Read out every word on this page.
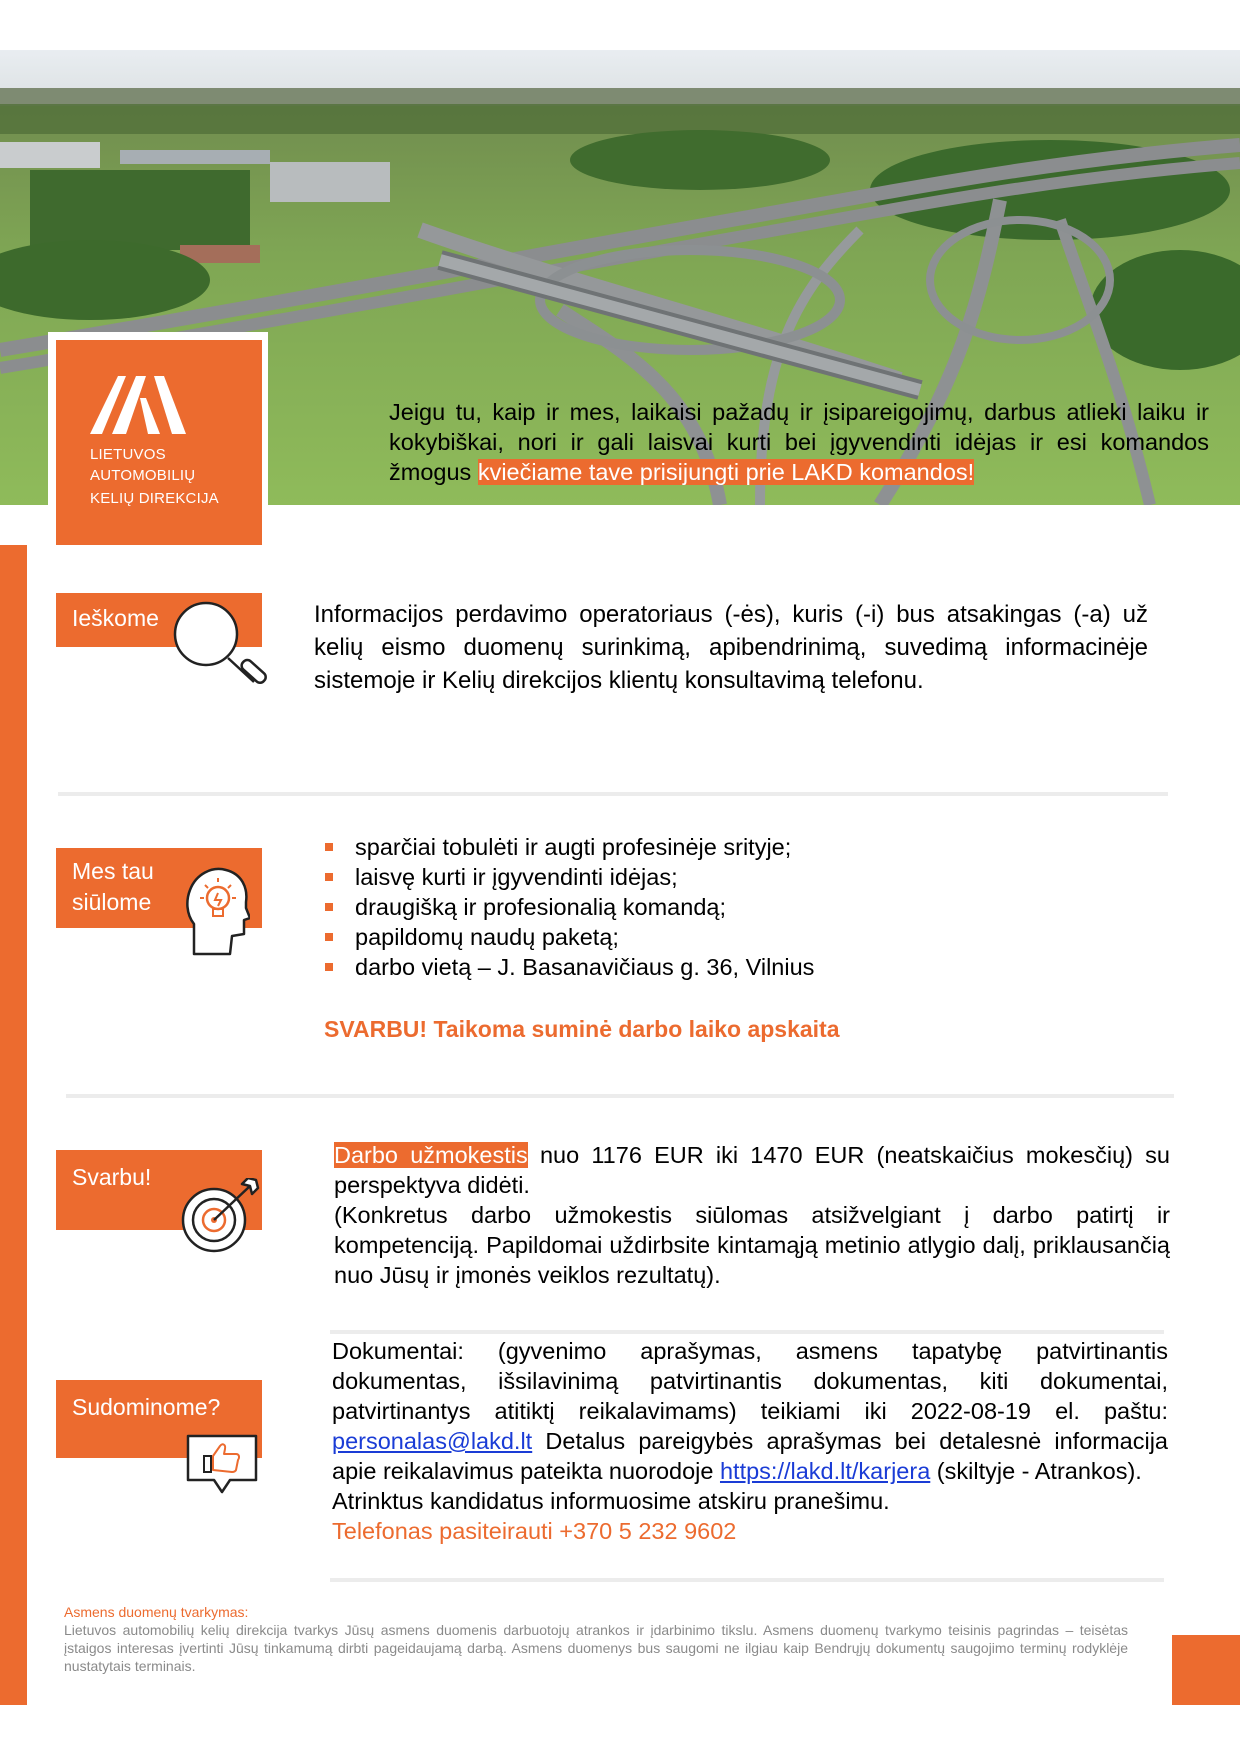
LIETUVOS
AUTOMOBILIŲ
KELIŲ DIREKCIJA
Jeigu tu, kaip ir mes, laikaisi pažadų ir įsipareigojimų, darbus atlieki laiku ir kokybiškai, nori ir gali laisvai kurti bei įgyvendinti idėjas ir esi komandos žmogus kviečiame tave prisijungti prie LAKD komandos!
Ieškome	Informacijos perdavimo operatoriaus (-ės), kuris (-i) bus atsakingas (-a) už kelių eismo duomenų surinkimą, apibendrinimą, suvedimą informacinėje sistemoje ir Kelių direkcijos klientų konsultavimą telefonu.
Mes tau
siūlome
sparčiai tobulėti ir augti profesinėje srityje;
laisvę kurti ir įgyvendinti idėjas;
draugišką ir profesionalią komandą;
papildomų naudų paketą;
darbo vietą – J. Basanavičiaus g. 36, Vilnius
SVARBU! Taikoma suminė darbo laiko apskaita
Svarbu!
Darbo užmokestis nuo 1176 EUR iki 1470 EUR (neatskaičius mokesčių) su perspektyva didėti.
(Konkretus darbo užmokestis siūlomas atsižvelgiant į darbo patirtį ir kompetenciją. Papildomai uždirbsite kintamąją metinio atlygio dalį, priklausančią nuo Jūsų ir įmonės veiklos rezultatų).
Sudominome?
Dokumentai: (gyvenimo aprašymas, asmens tapatybę patvirtinantis dokumentas, išsilavinimą patvirtinantis dokumentas, kiti dokumentai, patvirtinantys atitiktį reikalavimams) teikiami iki 2022-08-19 el. paštu: personalas@lakd.lt Detalus pareigybės aprašymas bei detalesnė informacija apie reikalavimus pateikta nuorodoje https://lakd.lt/karjera (skiltyje - Atrankos).
Atrinktus kandidatus informuosime atskiru pranešimu.
Telefonas pasiteirauti +370 5 232 9602
Asmens duomenų tvarkymas:
Lietuvos automobilių kelių direkcija tvarkys Jūsų asmens duomenis darbuotojų atrankos ir įdarbinimo tikslu. Asmens duomenų tvarkymo teisinis pagrindas – teisėtas įstaigos interesas įvertinti Jūsų tinkamumą dirbti pageidaujamą darbą. Asmens duomenys bus saugomi ne ilgiau kaip Bendrųjų dokumentų saugojimo terminų rodyklėje nustatytais terminais.
